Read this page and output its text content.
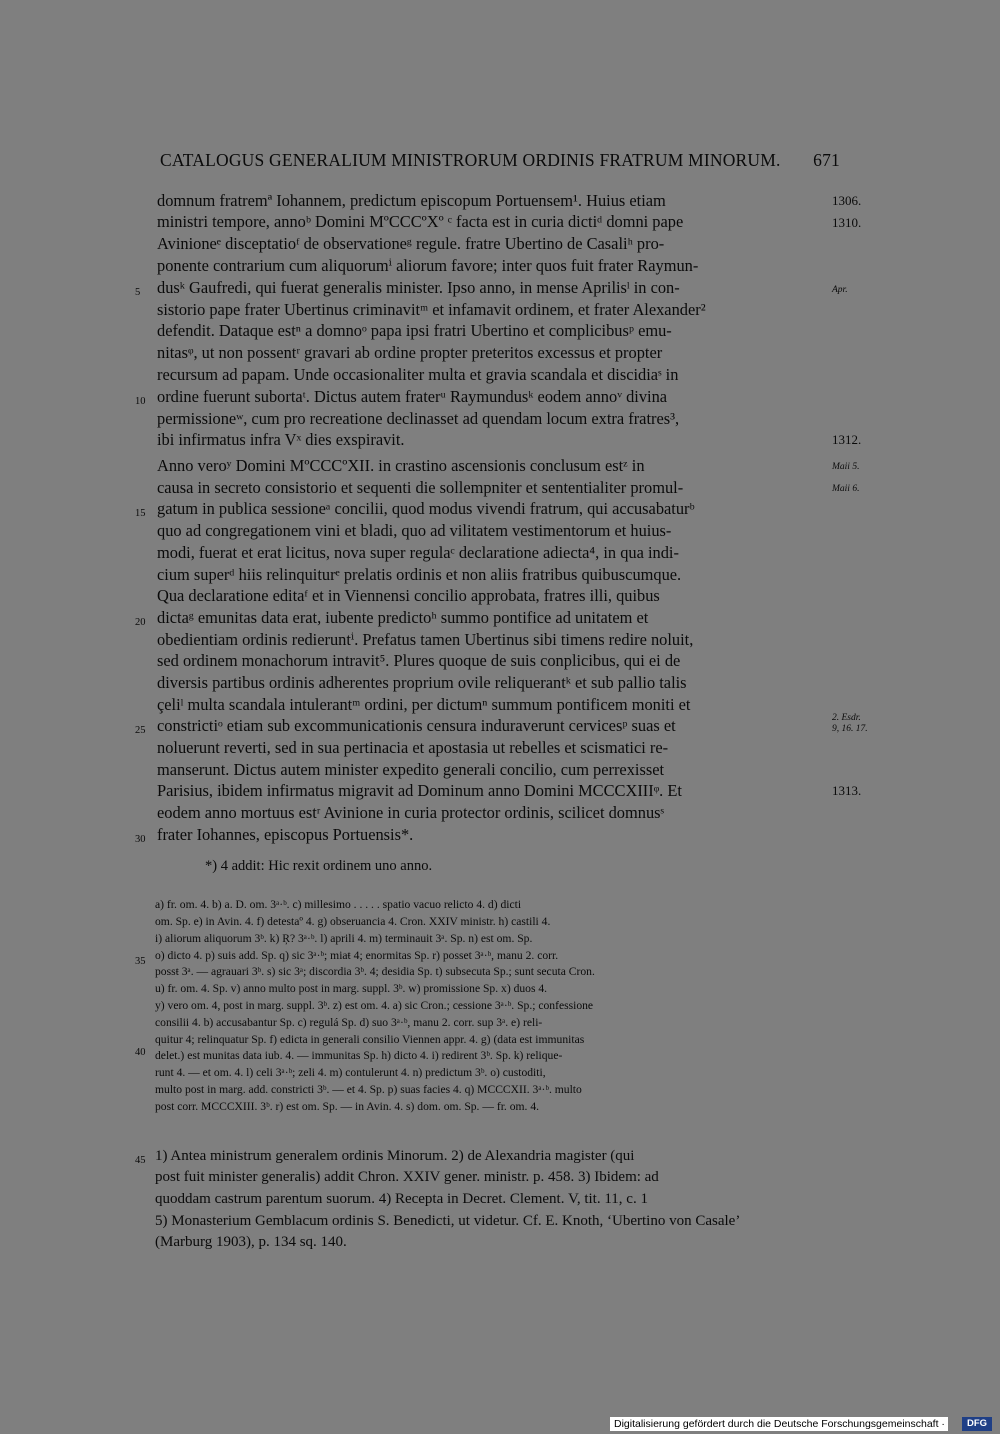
CATALOGUS GENERALIUM MINISTRORUM ORDINIS FRATRUM MINORUM. 671
domnum fratremª Iohannem, predictum episcopum Portuensem¹. Huius etiam
ministri tempore, annoᵇ Domini MºCCCºXº ᶜ facta est in curia dictiᵈ domni pape
Avinioneᵉ disceptatioᶠ de observationeᵍ regule. fratre Ubertino de Casaliʰ pro-
ponente contrarium cum aliquorumⁱ aliorum favore; inter quos fuit frater Raymun-
dusᵏ Gaufredi, qui fuerat generalis minister. Ipso anno, in mense Aprilisˡ in con-
sistorio pape frater Ubertinus criminavitᵐ et infamavit ordinem, et frater Alexander²
defendit. Dataque estⁿ a domnoᵒ papa ipsi fratri Ubertino et complicibusᵖ emu-
nitasᵠ, ut non possentʳ gravari ab ordine propter preteritos excessus et propter
recursum ad papam. Unde occasionaliter multa et gravia scandala et discidiaˢ in
ordine fuerunt subortaᵗ. Dictus autem fraterᵘ Raymundusᵏ eodem annoᵛ divina
permissioneʷ, cum pro recreatione declinasset ad quendam locum extra fratres³,
ibi infirmatus infra Vˣ dies exspiravit.
Anno veroʸ Domini MºCCCºXII. in crastino ascensionis conclusum estᶻ in
causa in secreto consistorio et sequenti die sollempniter et sententialiter promul-
gatum in publica sessioneᵃ concilii, quod modus vivendi fratrum, qui accusabaturᵇ
quo ad congregationem vini et bladi, quo ad vilitatem vestimentorum et huius-
modi, fuerat et erat licitus, nova super regulaᶜ declaratione adiecta⁴, in qua indi-
cium superᵈ hiis relinquiturᵉ prelatis ordinis et non aliis fratribus quibuscumque.
Qua declaratione editaᶠ et in Viennensi concilio approbata, fratres illi, quibus
dictaᵍ emunitas data erat, iubente predictoʰ summo pontifice ad unitatem et
obedientiam ordinis redieruntⁱ. Prefatus tamen Ubertinus sibi timens redire noluit,
sed ordinem monachorum intravit⁵. Plures quoque de suis conplicibus, qui ei de
diversis partibus ordinis adherentes proprium ovile reliquerantᵏ et sub pallio talis
çeliˡ multa scandala intulerantᵐ ordini, per dictumⁿ summum pontificem moniti et
constrictiᵒ etiam sub excommunicationis censura induraverunt cervicesᵖ suas et
noluerunt reverti, sed in sua pertinacia et apostasia ut rebelles et scismatici re-
manserunt. Dictus autem minister expedito generali concilio, cum perrexisset
Parisius, ibidem infirmatus migravit ad Dominum anno Domini MCCCXIIIᵠ. Et
eodem anno mortuus estʳ Avinione in curia protector ordinis, scilicet domnusˢ
frater Iohannes, episcopus Portuensis*.
5
10
15
20
25
30
35
40
45
1306.
1310.
Apr.
1312.
Maii 5.
Maii 6.
2. Esdr.
9, 16. 17.
1313.
*) 4 addit: Hic rexit ordinem uno anno.
a) fr. om. 4. b) a. D. om. 3ᵃ·ᵇ. c) millesimo . . . . . spatio vacuo relicto 4. d) dicti
om. Sp. e) in Avin. 4. f) detestaº 4. g) obseruancia 4. Cron. XXIV ministr. h) castili 4.
i) aliorum aliquorum 3ᵇ. k) Ŗ? 3ᵃ·ᵇ. l) aprili 4. m) terminauit 3ᵃ. Sp. n) est om. Sp.
o) dicto 4. p) suis add. Sp. q) sic 3ᵃ·ᵇ; miaŧ 4; enormitas Sp. r) posset 3ᵃ·ᵇ, manu 2. corr.
possŧ 3ᵃ. — agrauari 3ᵇ. s) sic 3ᵃ; discordia 3ᵇ. 4; desidia Sp. t) subsecuta Sp.; sunt secuta Cron.
u) fr. om. 4. Sp. v) anno multo post in marg. suppl. 3ᵇ. w) promissione Sp. x) duos 4.
y) vero om. 4, post in marg. suppl. 3ᵇ. z) est om. 4. a) sic Cron.; cessione 3ᵃ·ᵇ. Sp.; confessione
consilii 4. b) accusabantur Sp. c) regulá Sp. d) suo 3ᵃ·ᵇ, manu 2. corr. sup 3ᵃ. e) reli-
quitur 4; relinquatur Sp. f) edicta in generali consilio Viennen appr. 4. g) (data est immunitas
delet.) est munitas data iub. 4. — immunitas Sp. h) dicto 4. i) redirent 3ᵇ. Sp. k) relique-
runt 4. — et om. 4. l) celi 3ᵃ·ᵇ; zeli 4. m) contulerunt 4. n) predictum 3ᵇ. o) custoditi,
multo post in marg. add. constricti 3ᵇ. — et 4. Sp. p) suas facies 4. q) MCCCXII. 3ᵃ·ᵇ. multo
post corr. MCCCXIII. 3ᵇ. r) est om. Sp. — in Avin. 4. s) dom. om. Sp. — fr. om. 4.
1) Antea ministrum generalem ordinis Minorum. 2) de Alexandria magister (qui
post fuit minister generalis) addit Chron. XXIV gener. ministr. p. 458. 3) Ibidem: ad
quoddam castrum parentum suorum. 4) Recepta in Decret. Clement. V, tit. 11, c. 1
5) Monasterium Gemblacum ordinis S. Benedicti, ut videtur. Cf. E. Knoth, ‘Ubertino von Casale’
(Marburg 1903), p. 134 sq. 140.
Digitalisierung gefördert durch die Deutsche Forschungsgemeinschaft ·	DFG
